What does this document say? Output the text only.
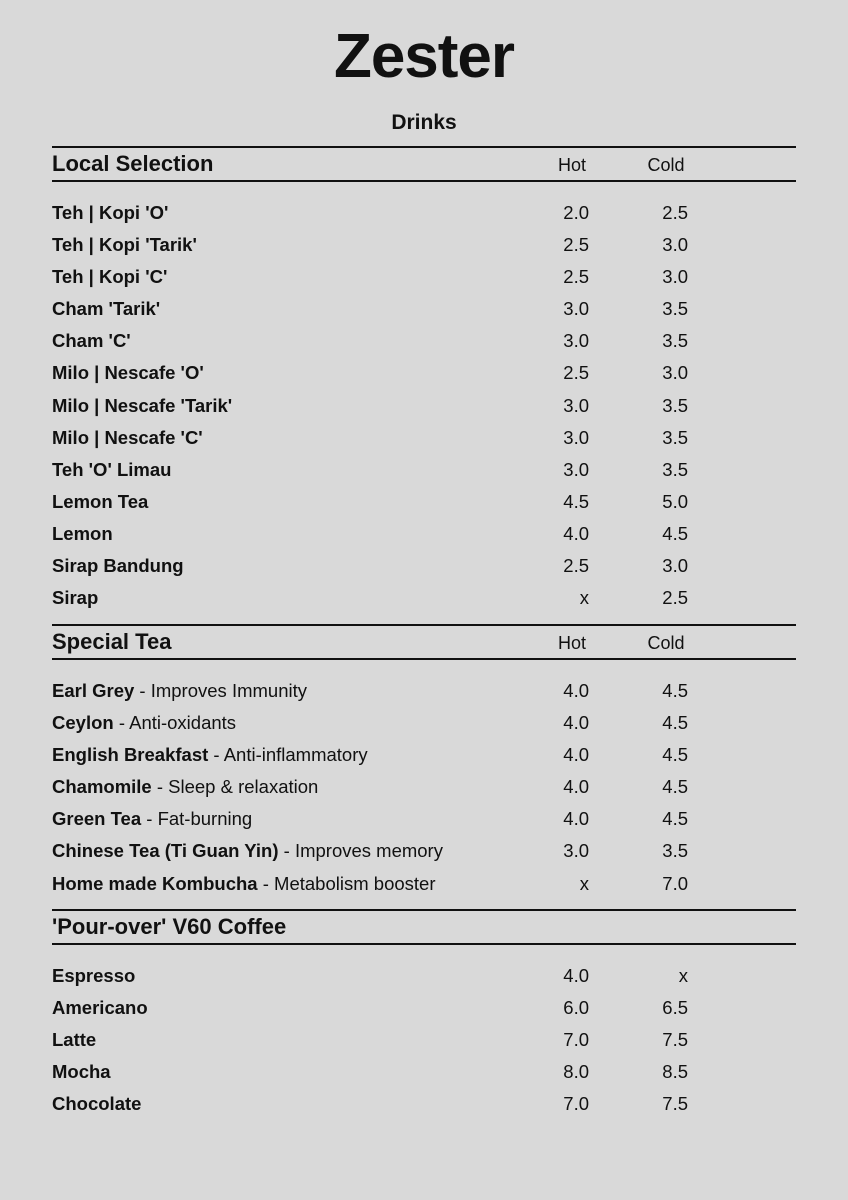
Zester
Drinks
Local Selection	Hot	Cold
Teh | Kopi 'O'	2.0	2.5
Teh | Kopi 'Tarik'	2.5	3.0
Teh | Kopi 'C'	2.5	3.0
Cham 'Tarik'	3.0	3.5
Cham 'C'	3.0	3.5
Milo | Nescafe 'O'	2.5	3.0
Milo | Nescafe 'Tarik'	3.0	3.5
Milo | Nescafe 'C'	3.0	3.5
Teh 'O' Limau	3.0	3.5
Lemon Tea	4.5	5.0
Lemon	4.0	4.5
Sirap Bandung	2.5	3.0
Sirap	x	2.5
Special Tea	Hot	Cold
Earl Grey - Improves Immunity	4.0	4.5
Ceylon - Anti-oxidants	4.0	4.5
English Breakfast - Anti-inflammatory	4.0	4.5
Chamomile - Sleep & relaxation	4.0	4.5
Green Tea - Fat-burning	4.0	4.5
Chinese Tea (Ti Guan Yin) - Improves memory	3.0	3.5
Home made Kombucha - Metabolism booster	x	7.0
'Pour-over' V60 Coffee
Espresso	4.0	x
Americano	6.0	6.5
Latte	7.0	7.5
Mocha	8.0	8.5
Chocolate	7.0	7.5
